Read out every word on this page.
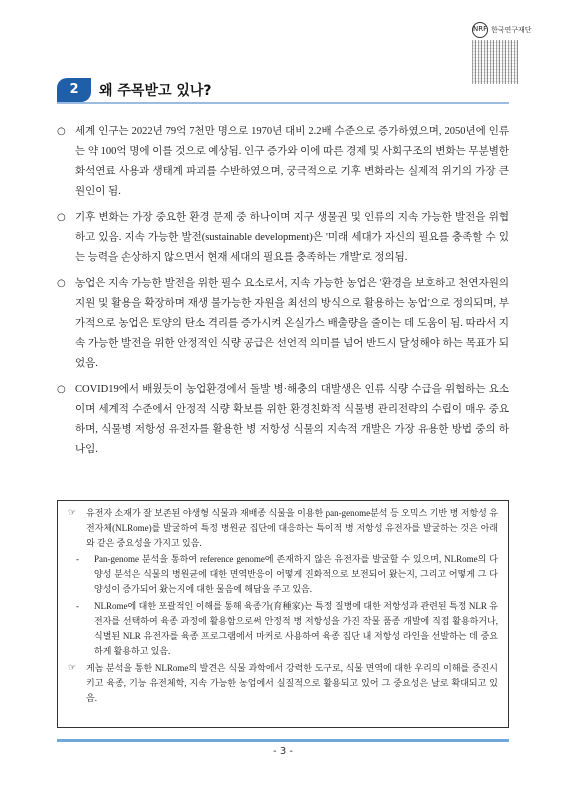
NRF 한국연구재단
2	왜 주목받고 있나?
○ 세계 인구는 2022년 79억 7천만 명으로 1970년 대비 2.2배 수준으로 증가하였으며, 2050년에 인류는 약 100억 명에 이를 것으로 예상됨. 인구 증가와 이에 따른 경제 및 사회구조의 변화는 무분별한 화석연료 사용과 생태계 파괴를 수반하였으며, 궁극적으로 기후 변화라는 실제적 위기의 가장 큰 원인이 됨.
○ 기후 변화는 가장 중요한 환경 문제 중 하나이며 지구 생물권 및 인류의 지속 가능한 발전을 위협하고 있음. 지속 가능한 발전(sustainable development)은 '미래 세대가 자신의 필요를 충족할 수 있는 능력을 손상하지 않으면서 현재 세대의 필요를 충족하는 개발'로 정의됨.
○ 농업은 지속 가능한 발전을 위한 필수 요소로서, 지속 가능한 농업은 '환경을 보호하고 천연자원의 지원 및 활용을 확장하며 재생 불가능한 자원을 최선의 방식으로 활용하는 농업'으로 정의되며, 부가적으로 농업은 토양의 탄소 격리를 증가시켜 온실가스 배출량을 줄이는 데 도움이 됨. 따라서 지속 가능한 발전을 위한 안정적인 식량 공급은 선언적 의미를 넘어 반드시 달성해야 하는 목표가 되었음.
○ COVID19에서 배웠듯이 농업환경에서 돌발 병·해충의 대발생은 인류 식량 수급을 위협하는 요소이며 세계적 수준에서 안정적 식량 확보를 위한 환경친화적 식물병 관리전략의 수립이 매우 중요하며, 식물병 저항성 유전자를 활용한 병 저항성 식물의 지속적 개발은 가장 유용한 방법 중의 하나임.
☞ 유전자 소재가 잘 보존된 야생형 식물과 재배종 식물을 이용한 pan-genome분석 등 오믹스 기반 병 저항성 유전자체(NLRome)를 발굴하여 특정 병원균 집단에 대응하는 특이적 병 저항성 유전자를 발굴하는 것은 아래와 같은 중요성을 가지고 있음.
- Pan-genome 분석을 통하여 reference genome에 존재하지 않은 유전자를 발굴할 수 있으며, NLRome의 다양성 분석은 식물의 병원균에 대한 면역반응이 어떻게 진화적으로 보전되어 왔는지, 그리고 어떻게 그 다양성이 증가되어 왔는지에 대한 물음에 해답을 주고 있음.
- NLRome에 대한 포괄적인 이해를 통해 육종가(育種家)는 특정 질병에 대한 저항성과 관련된 특정 NLR 유전자를 선택하여 육종 과정에 활용함으로써 안정적 병 저항성을 가진 작물 품종 개발에 직접 활용하거나, 식별된 NLR 유전자를 육종 프로그램에서 마커로 사용하여 육종 집단 내 저항성 라인을 선발하는 데 중요하게 활용하고 있음.
☞ 게놈 분석을 통한 NLRome의 발견은 식물 과학에서 강력한 도구로, 식물 면역에 대한 우리의 이해를 증진시키고 육종, 기능 유전체학, 지속 가능한 농업에서 실질적으로 활용되고 있어 그 중요성은 날로 확대되고 있음.
- 3 -
